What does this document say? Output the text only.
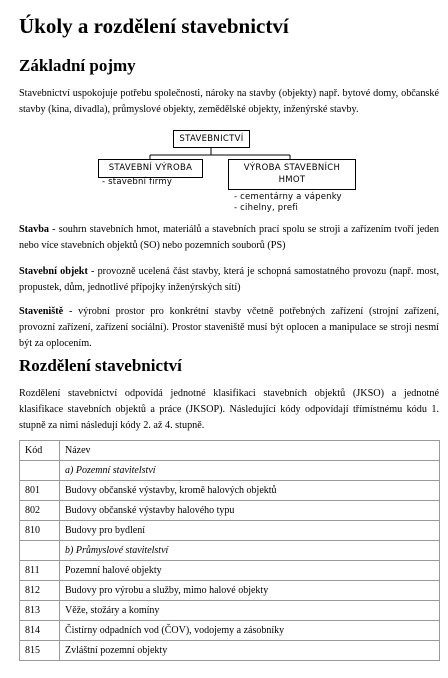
Úkoly a rozdělení stavebnictví
Základní pojmy
Stavebnictví uspokojuje potřebu společnosti, nároky na stavby (objekty) např. bytové domy, občanské stavby (kina, divadla), průmyslové objekty, zemědělské objekty, inženýrské stavby.
STAVEBNICTVÍ
STAVEBNÍ VÝROBA
- stavební firmy
VÝROBA STAVEBNÍCH
HMOT
- cementárny a vápenky
- cihelny, prefi
Stavba - souhrn stavebních hmot, materiálů a stavebních prací spolu se stroji a zařízením tvoří jeden nebo více stavebních objektů (SO) nebo pozemních souborů (PS)
Stavební objekt - provozně ucelená část stavby, která je schopná samostatného provozu (např. most, propustek, dům, jednotlivé přípojky inženýrských sítí)
Staveniště - výrobní prostor pro konkrétní stavby včetně potřebných zařízení (strojní zařízení, provozní zařízení, zařízení sociální). Prostor staveniště musí být oplocen a manipulace se stroji nesmí být za oplocením.
Rozdělení stavebnictví
Rozdělení stavebnictví odpovídá jednotné klasifikaci stavebních objektů (JKSO) a jednotné klasifikace stavebních objektů a práce (JKSOP). Následující kódy odpovídají třímístnému kódu 1. stupně za nimi následují kódy 2. až 4. stupně.
Kód	Název
	a) Pozemní stavitelství
801	Budovy občanské výstavby, kromě halových objektů
802	Budovy občanské výstavby halového typu
810	Budovy pro bydlení
	b) Průmyslové stavitelství
811	Pozemní halové objekty
812	Budovy pro výrobu a služby, mimo halové objekty
813	Věže, stožáry a komíny
814	Čistírny odpadních vod (ČOV), vodojemy a zásobníky
815	Zvláštní pozemní objekty
